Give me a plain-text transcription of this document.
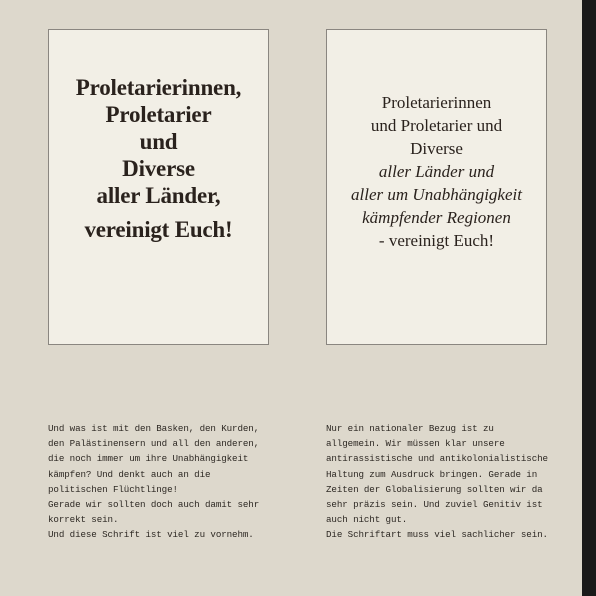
Proletarierinnen,
Proletarier
und
Diverse
aller Länder,
vereinigt Euch!
Proletarierinnen
und Proletarier und
Diverse
aller Länder und
aller um Unabhängigkeit
kämpfender Regionen
- vereinigt Euch!
Und was ist mit den Basken, den Kurden,
den Palästinensern und all den anderen,
die noch immer um ihre Unabhängigkeit
kämpfen? Und denkt auch an die
politischen Flüchtlinge!
Gerade wir sollten doch auch damit sehr
korrekt sein.
Und diese Schrift ist viel zu vornehm.
Nur ein nationaler Bezug ist zu
allgemein. Wir müssen klar unsere
antirassistische und antikolonialistische
Haltung zum Ausdruck bringen. Gerade in
Zeiten der Globalisierung sollten wir da
sehr präzis sein. Und zuviel Genitiv ist
auch nicht gut.
Die Schriftart muss viel sachlicher sein.
